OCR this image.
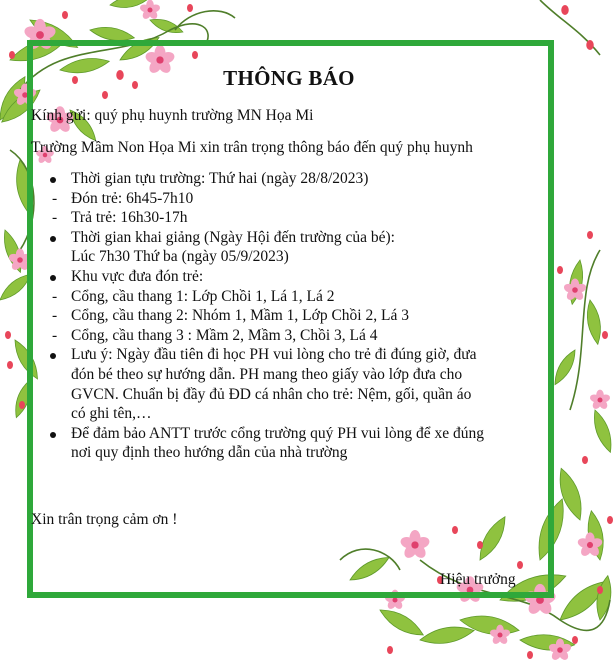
THÔNG BÁO
Kính gửi: quý phụ huynh trường MN Họa Mi
Trường Mầm Non Họa Mi xin trân trọng thông báo đến quý phụ huynh
Thời gian tựu trường: Thứ hai (ngày 28/8/2023)
- Đón trẻ: 6h45-7h10
- Trả trẻ: 16h30-17h
Thời gian khai giảng (Ngày Hội đến trường của bé):
Lúc 7h30 Thứ ba (ngày 05/9/2023)
Khu vực đưa đón trẻ:
- Cổng, cầu thang 1: Lớp Chồi 1, Lá 1, Lá 2
- Cổng, cầu thang 2: Nhóm 1, Mầm 1, Lớp Chồi 2, Lá 3
- Cổng, cầu thang 3 : Mầm 2, Mầm 3, Chồi 3, Lá 4
Lưu ý: Ngày đầu tiên đi học PH vui lòng cho trẻ đi đúng giờ, đưa
đón bé theo sự hướng dẫn. PH mang theo giấy vào lớp đưa cho
GVCN. Chuẩn bị đầy đủ ĐD cá nhân cho trẻ: Nệm, gối, quần áo
có ghi tên,…
Để đảm bảo ANTT trước cổng trường quý PH vui lòng để xe đúng
nơi quy định theo hướng dẫn của nhà trường
Xin trân trọng cảm ơn !
Hiệu trưởng
